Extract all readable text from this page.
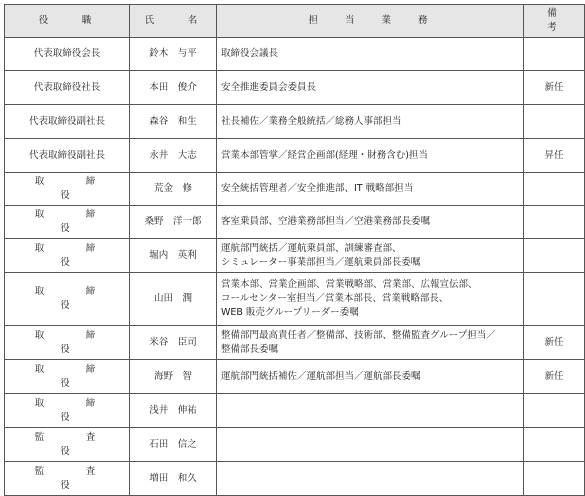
役　職	氏　名	担 当 業 務	備 考
代表取締役会長	鈴木　与平	取締役会議長	

代表取締役社長	本田　俊介	安全推進委員会委員長	新任
代表取締役副社長	森谷　和生	社長補佐／業務全般統括／総務人事部担当	

代表取締役副社長	永井　大志	営業本部管掌／経営企画部(経理・財務含む)担当	昇任
取　締　役	荒金　修	安全統括管理者／安全推進部、IT 戦略部担当	

取　締　役	桑野　洋一郎	客室乗員部、空港業務部担当／空港業務部長委嘱	

取　締　役	堀内　英利	運航部門統括／運航乗員部、訓練審査部、
シミュレーター事業部担当／運航乗員部長委嘱	

取　締　役	山田　潤	営業本部、営業企画部、営業戦略部、営業部、広報宣伝部、
コールセンター室担当／営業本部長、営業戦略部長、
WEB 販売グループリーダー委嘱	

取　締　役	米谷　臣司	整備部門最高責任者／整備部、技術部、整備監査グループ担当／
整備部長委嘱	新任
取　締　役	海野　智	運航部門統括補佐／運航部担当／運航部長委嘱	新任
取　締　役	浅井　伸祐		
監　査　役	石田　信之		
監　査　役	増田　和久		
